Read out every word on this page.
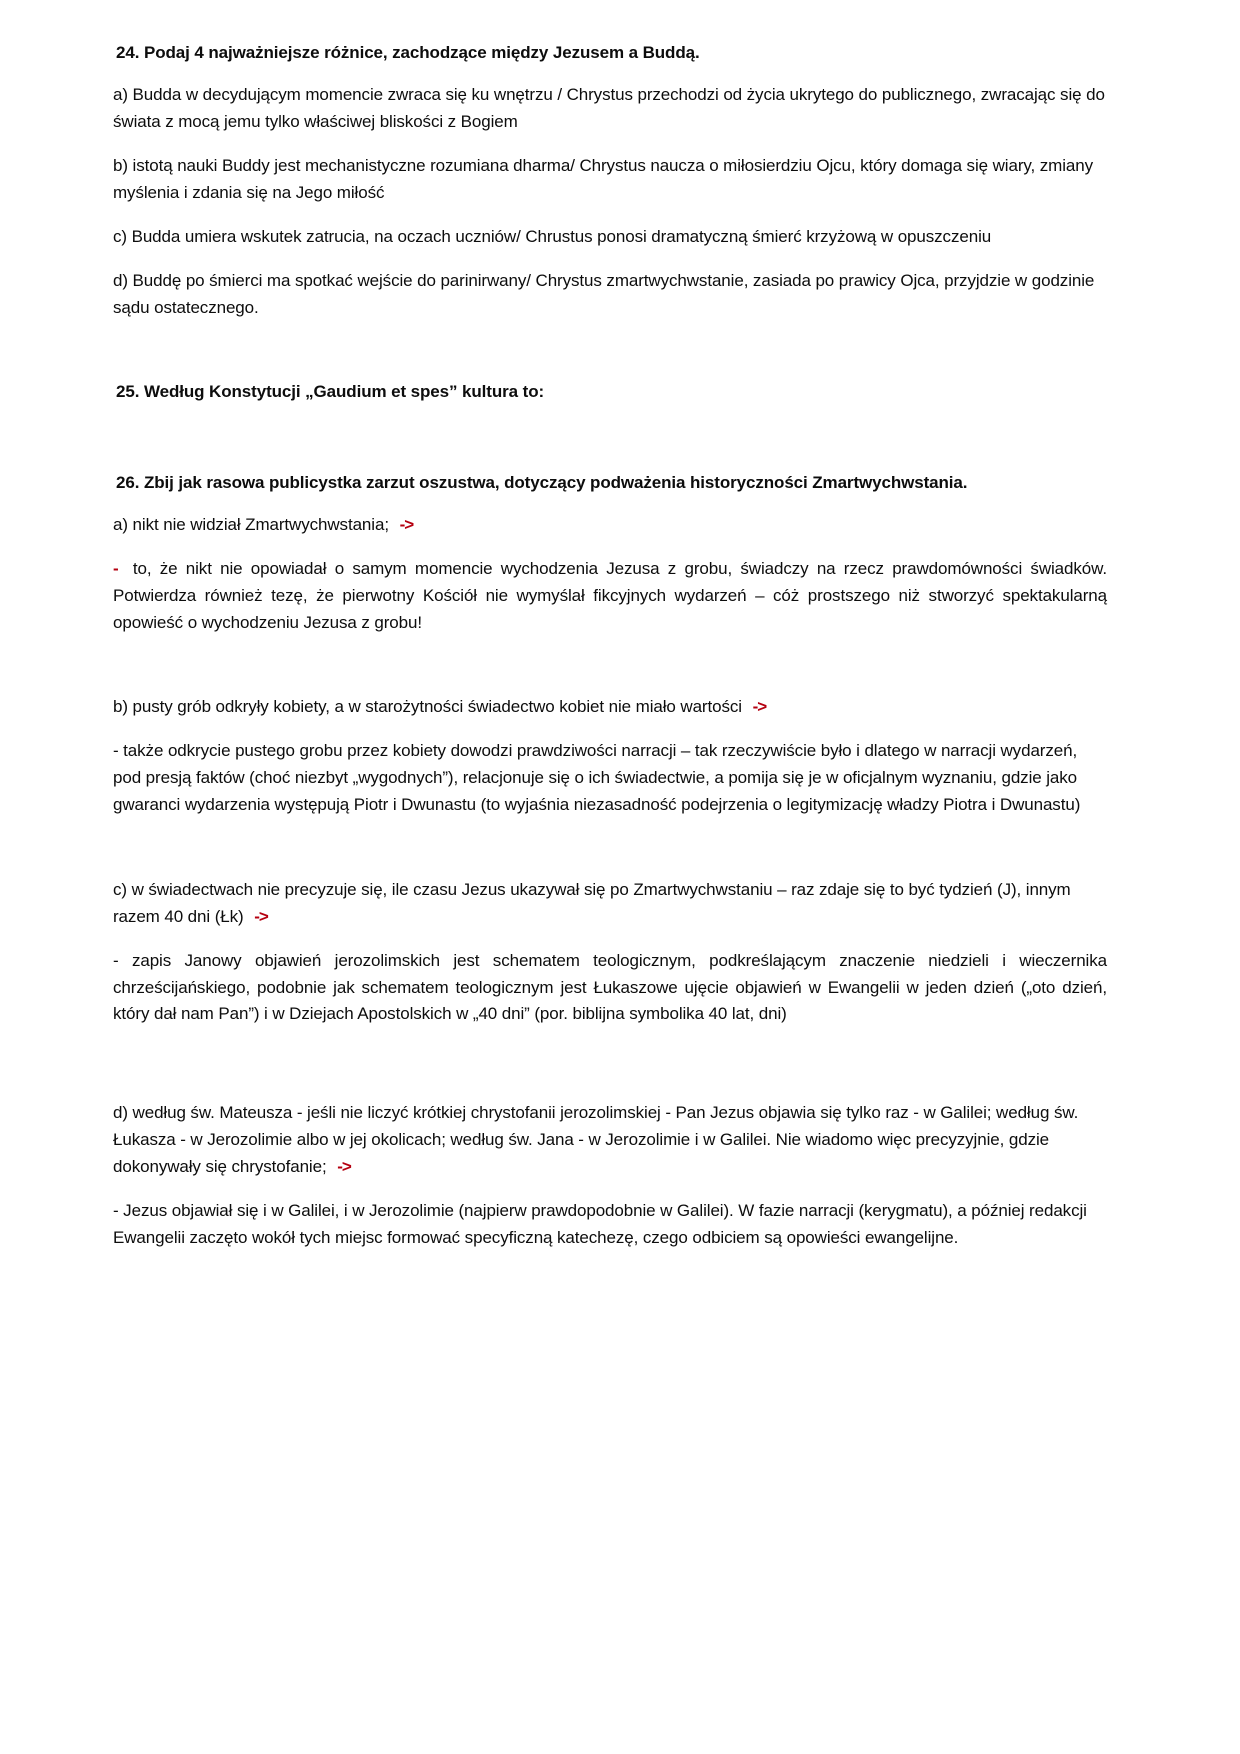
24. Podaj 4 najważniejsze różnice, zachodzące między Jezusem a Buddą.

a) Budda w decydującym momencie zwraca się ku wnętrzu / Chrystus przechodzi od życia ukrytego do publicznego, zwracając się do świata z mocą jemu tylko właściwej bliskości z Bogiem

b) istotą nauki Buddy jest mechanistyczne rozumiana dharma/ Chrystus naucza o miłosierdziu Ojcu, który domaga się wiary, zmiany myślenia i zdania się na Jego miłość

c) Budda umiera wskutek zatrucia, na oczach uczniów/ Chrustus ponosi dramatyczną śmierć krzyżową w opuszczeniu

d) Buddę po śmierci ma spotkać wejście do parinirwany/ Chrystus zmartwychwstanie, zasiada po prawicy Ojca, przyjdzie w godzinie sądu ostatecznego.

25. Według Konstytucji „Gaudium et spes” kultura to:
26. Zbij jak rasowa publicystka zarzut oszustwa, dotyczący podważenia historyczności Zmartwychwstania.

a) nikt nie widział Zmartwychwstania; ->

- to, że nikt nie opowiadał o samym momencie wychodzenia Jezusa z grobu, świadczy na rzecz prawdomówności świadków. Potwierdza również tezę, że pierwotny Kościół nie wymyślał fikcyjnych wydarzeń – cóż prostszego niż stworzyć spektakularną opowieść o wychodzeniu Jezusa z grobu!

b) pusty grób odkryły kobiety, a w starożytności świadectwo kobiet nie miało wartości ->

- także odkrycie pustego grobu przez kobiety dowodzi prawdziwości narracji – tak rzeczywiście było i dlatego w narracji wydarzeń, pod presją faktów (choć niezbyt „wygodnych”), relacjonuje się o ich świadectwie, a pomija się je w oficjalnym wyznaniu, gdzie jako gwaranci wydarzenia występują Piotr i Dwunastu (to wyjaśnia niezasadność podejrzenia o legitymizację władzy Piotra i Dwunastu)

c) w świadectwach nie precyzuje się, ile czasu Jezus ukazywał się po Zmartwychwstaniu – raz zdaje się to być tydzień (J), innym razem 40 dni (Łk) ->

- zapis Janowy objawień jerozolimskich jest schematem teologicznym, podkreślającym znaczenie niedzieli i wieczernika chrześcijańskiego, podobnie jak schematem teologicznym jest Łukaszowe ujęcie objawień w Ewangelii w jeden dzień („oto dzień, który dał nam Pan”) i w Dziejach Apostolskich w „40 dni” (por. biblijna symbolika 40 lat, dni)

d) według św. Mateusza - jeśli nie liczyć krótkiej chrystofanii jerozolimskiej - Pan Jezus objawia się tylko raz - w Galilei; według św. Łukasza - w Jerozolimie albo w jej okolicach; według św. Jana - w Jerozolimie i w Galilei. Nie wiadomo więc precyzyjnie, gdzie dokonywały się chrystofanie; ->

- Jezus objawiał się i w Galilei, i w Jerozolimie (najpierw prawdopodobnie w Galilei). W fazie narracji (kerygmatu), a później redakcji Ewangelii zaczęto wokół tych miejsc formować specyficzną katechezę, czego odbiciem są opowieści ewangelijne.
